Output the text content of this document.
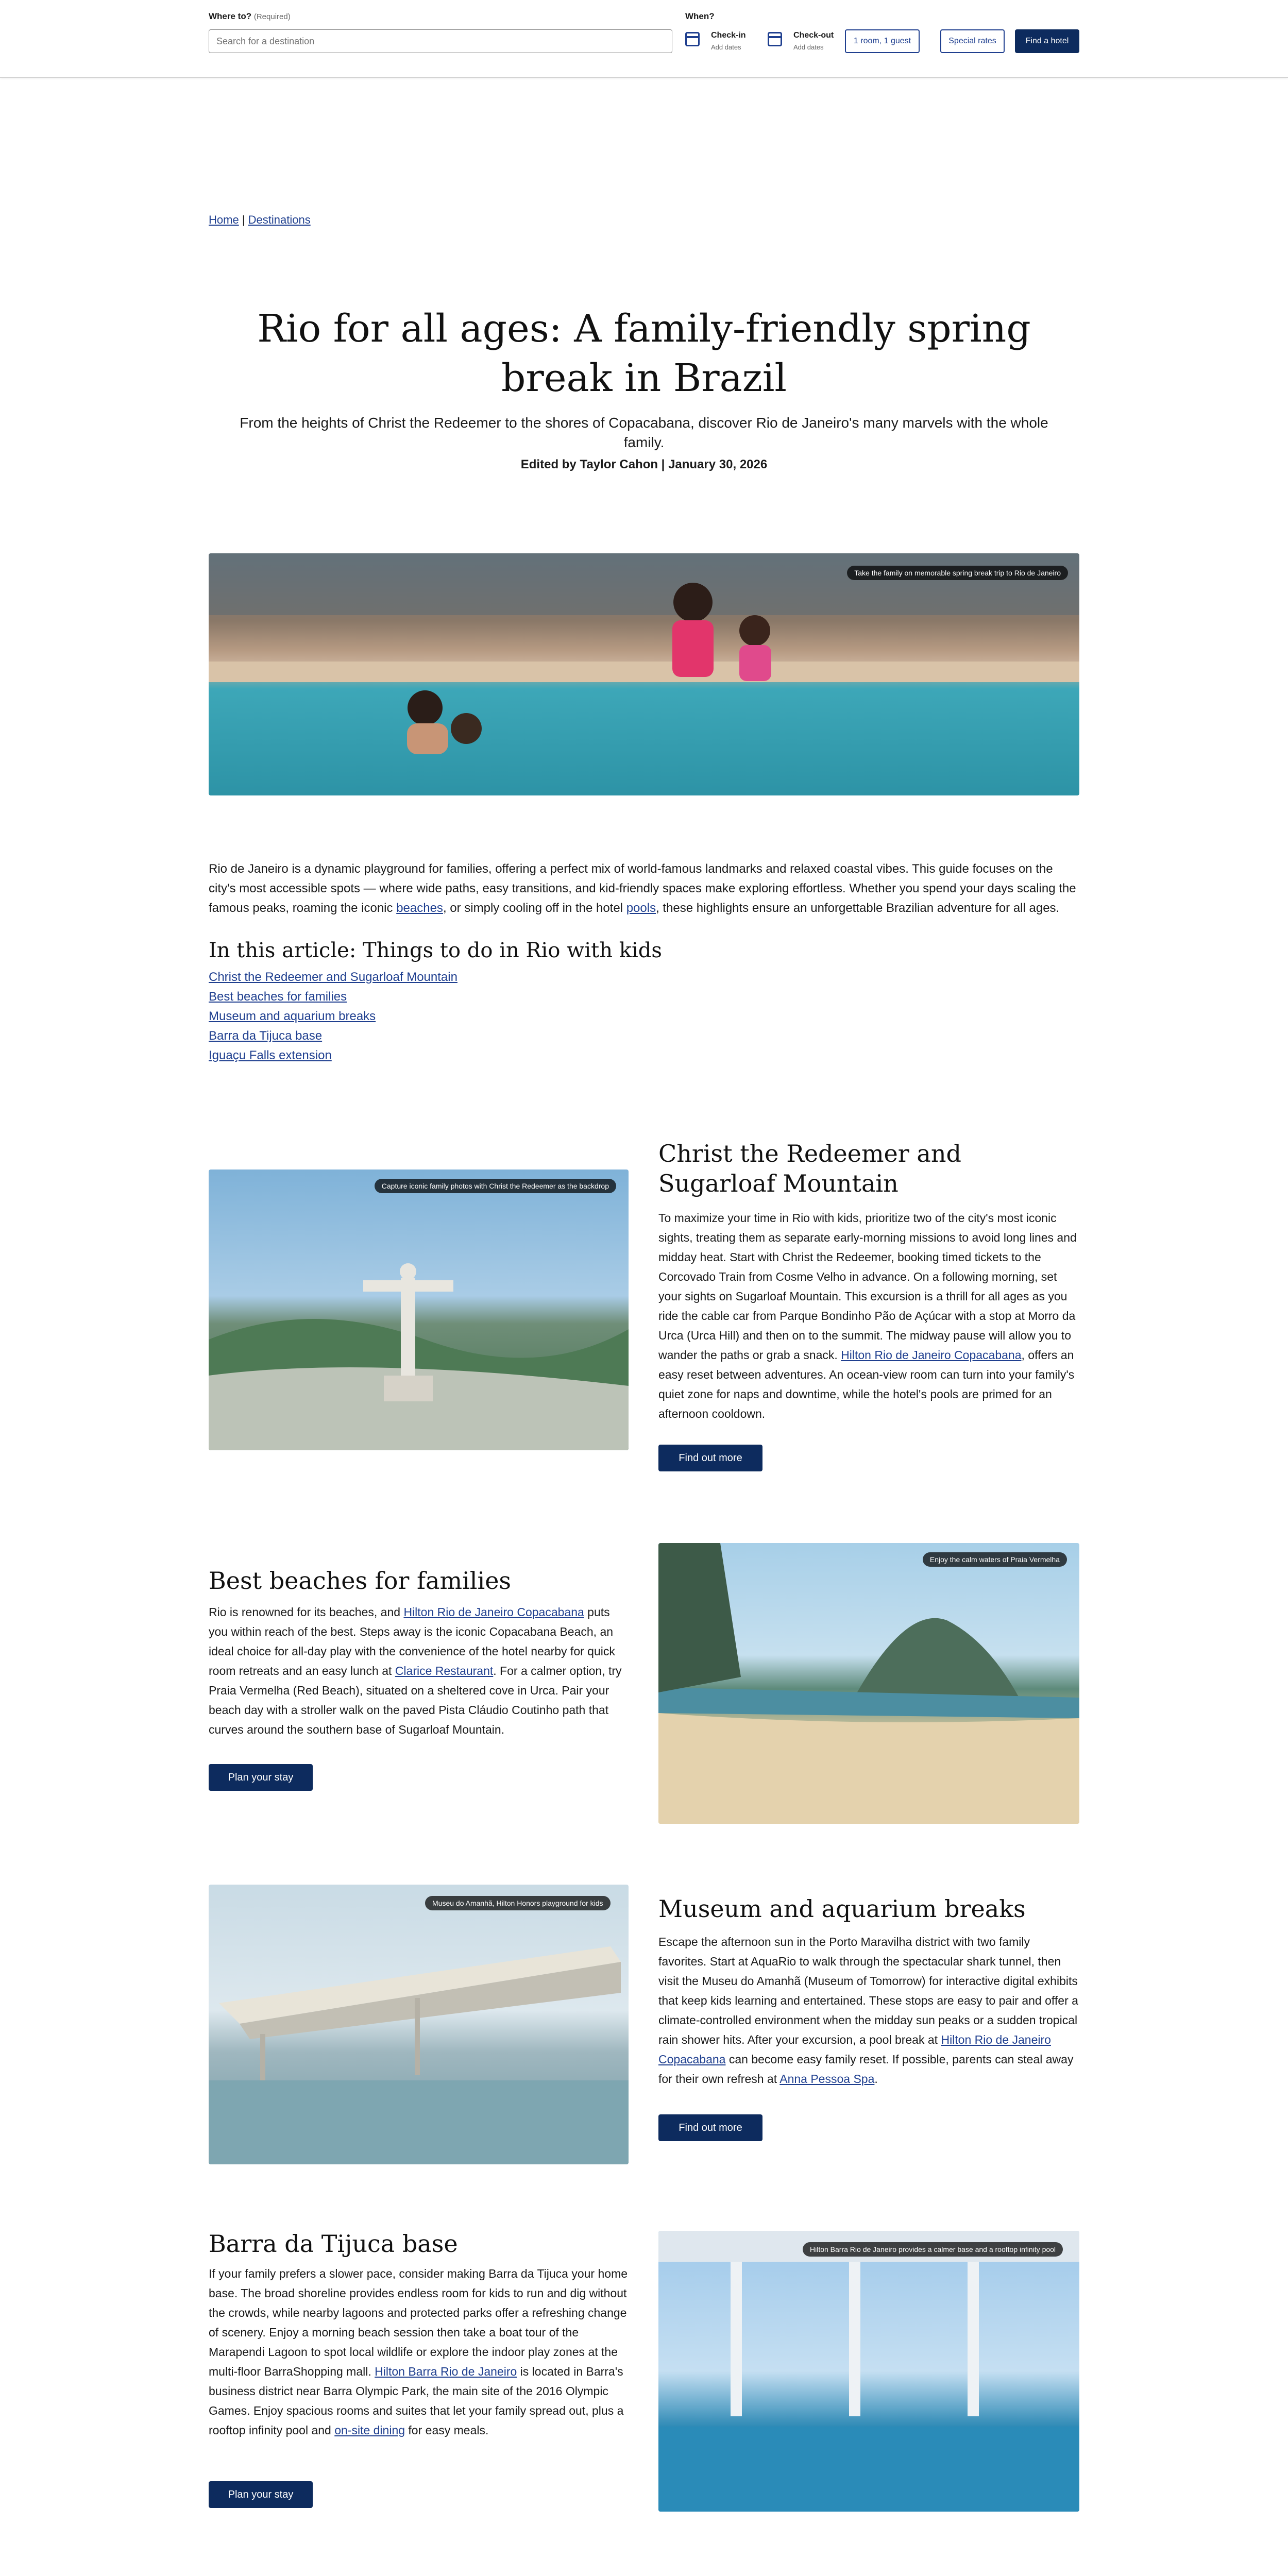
Where to? (Required)
Search for a destination	When?
Check-in
Add dates
Check-out
Add dates
1 room, 1 guest	Special rates	Find a hotel
Home | Destinations
Rio for all ages: A family-friendly spring break in Brazil
From the heights of Christ the Redeemer to the shores of Copacabana, discover Rio de Janeiro's many marvels with the whole family.
Edited by Taylor Cahon | January 30, 2026
Take the family on memorable spring break trip to Rio de Janeiro
Rio de Janeiro is a dynamic playground for families, offering a perfect mix of world-famous landmarks and relaxed coastal vibes. This guide focuses on the city's most accessible spots — where wide paths, easy transitions, and kid-friendly spaces make exploring effortless. Whether you spend your days scaling the famous peaks, roaming the iconic beaches, or simply cooling off in the hotel pools, these highlights ensure an unforgettable Brazilian adventure for all ages.
In this article: Things to do in Rio with kids
Christ the Redeemer and Sugarloaf Mountain
Best beaches for families
Museum and aquarium breaks
Barra da Tijuca base
Iguaçu Falls extension
Capture iconic family photos with Christ the Redeemer as the backdrop
Christ the Redeemer and Sugarloaf Mountain
To maximize your time in Rio with kids, prioritize two of the city's most iconic sights, treating them as separate early-morning missions to avoid long lines and midday heat. Start with Christ the Redeemer, booking timed tickets to the Corcovado Train from Cosme Velho in advance. On a following morning, set your sights on Sugarloaf Mountain. This excursion is a thrill for all ages as you ride the cable car from Parque Bondinho Pão de Açúcar with a stop at Morro da Urca (Urca Hill) and then on to the summit. The midway pause will allow you to wander the paths or grab a snack. Hilton Rio de Janeiro Copacabana, offers an easy reset between adventures. An ocean-view room can turn into your family's quiet zone for naps and downtime, while the hotel's pools are primed for an afternoon cooldown.
Find out more
Best beaches for families
Rio is renowned for its beaches, and Hilton Rio de Janeiro Copacabana puts you within reach of the best. Steps away is the iconic Copacabana Beach, an ideal choice for all-day play with the convenience of the hotel nearby for quick room retreats and an easy lunch at Clarice Restaurant. For a calmer option, try Praia Vermelha (Red Beach), situated on a sheltered cove in Urca. Pair your beach day with a stroller walk on the paved Pista Cláudio Coutinho path that curves around the southern base of Sugarloaf Mountain.
Plan your stay
Enjoy the calm waters of Praia Vermelha
Museu do Amanhã, Hilton Honors playground for kids	Museum and aquarium breaks
Escape the afternoon sun in the Porto Maravilha district with two family favorites. Start at AquaRio to walk through the spectacular shark tunnel, then visit the Museu do Amanhã (Museum of Tomorrow) for interactive digital exhibits that keep kids learning and entertained. These stops are easy to pair and offer a climate-controlled environment when the midday sun peaks or a sudden tropical rain shower hits. After your excursion, a pool break at Hilton Rio de Janeiro Copacabana can become easy family reset. If possible, parents can steal away for their own refresh at Anna Pessoa Spa.
Find out more
Barra da Tijuca base
If your family prefers a slower pace, consider making Barra da Tijuca your home base. The broad shoreline provides endless room for kids to run and dig without the crowds, while nearby lagoons and protected parks offer a refreshing change of scenery. Enjoy a morning beach session then take a boat tour of the Marapendi Lagoon to spot local wildlife or explore the indoor play zones at the multi-floor BarraShopping mall. Hilton Barra Rio de Janeiro is located in Barra's business district near Barra Olympic Park, the main site of the 2016 Olympic Games. Enjoy spacious rooms and suites that let your family spread out, plus a rooftop infinity pool and on-site dining for easy meals.
Plan your stay
Hilton Barra Rio de Janeiro provides a calmer base and a rooftop infinity pool
